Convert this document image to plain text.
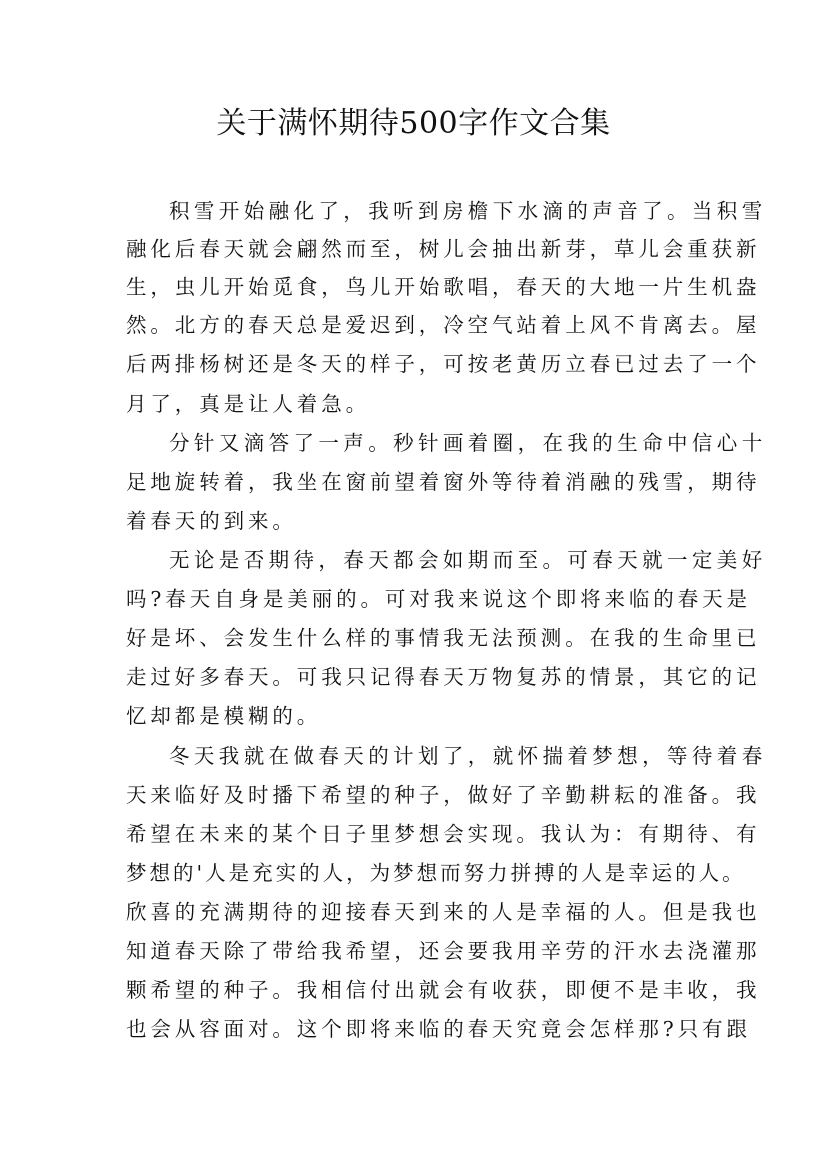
关于满怀期待500字作文合集
积雪开始融化了，我听到房檐下水滴的声音了。当积雪
融化后春天就会翩然而至，树儿会抽出新芽，草儿会重获新
生，虫儿开始觅食，鸟儿开始歌唱，春天的大地一片生机盎
然。北方的春天总是爱迟到，冷空气站着上风不肯离去。屋
后两排杨树还是冬天的样子，可按老黄历立春已过去了一个
月了，真是让人着急。
分针又滴答了一声。秒针画着圈，在我的生命中信心十
足地旋转着，我坐在窗前望着窗外等待着消融的残雪，期待
着春天的到来。
无论是否期待，春天都会如期而至。可春天就一定美好
吗?春天自身是美丽的。可对我来说这个即将来临的春天是
好是坏、会发生什么样的事情我无法预测。在我的生命里已
走过好多春天。可我只记得春天万物复苏的情景，其它的记
忆却都是模糊的。
冬天我就在做春天的计划了，就怀揣着梦想，等待着春
天来临好及时播下希望的种子，做好了辛勤耕耘的准备。我
希望在未来的某个日子里梦想会实现。我认为：有期待、有
梦想的'人是充实的人，为梦想而努力拼搏的人是幸运的人。
欣喜的充满期待的迎接春天到来的人是幸福的人。但是我也
知道春天除了带给我希望，还会要我用辛劳的汗水去浇灌那
颗希望的种子。我相信付出就会有收获，即便不是丰收，我
也会从容面对。这个即将来临的春天究竟会怎样那?只有跟
